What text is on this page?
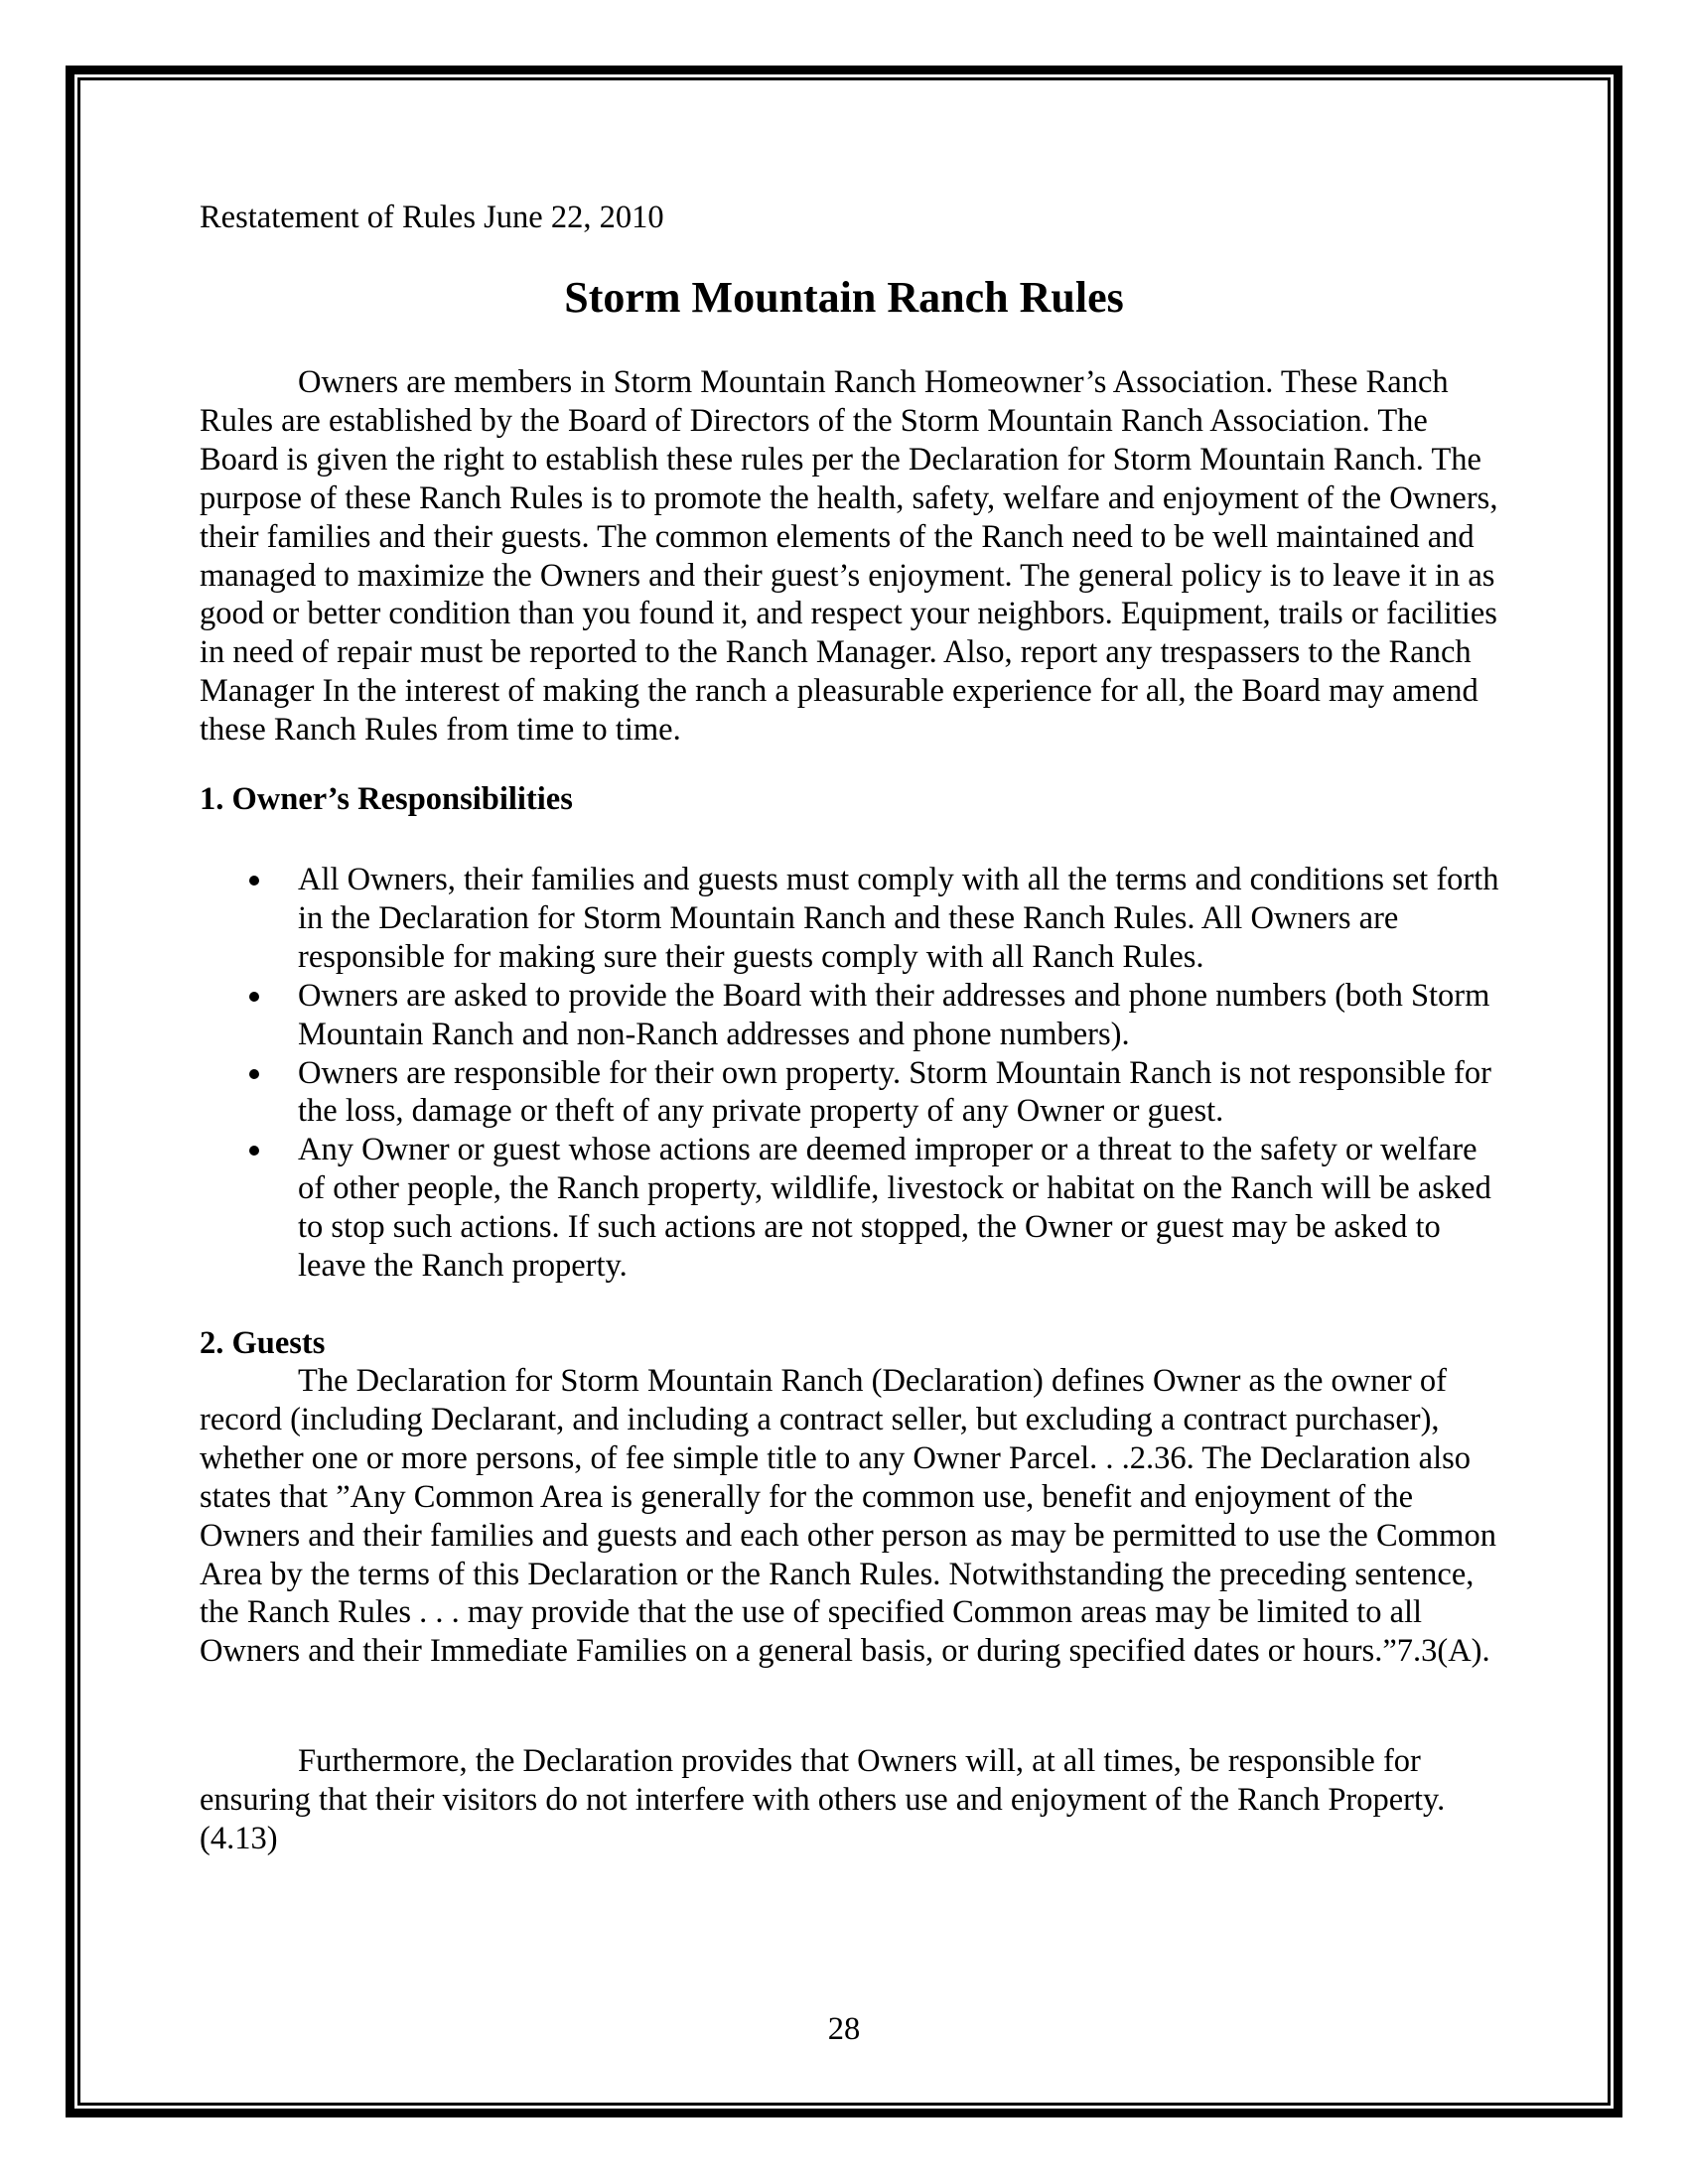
Restatement of Rules June 22, 2010
Storm Mountain Ranch Rules
Owners are members in Storm Mountain Ranch Homeowner’s Association. These Ranch Rules are established by the Board of Directors of the Storm Mountain Ranch Association. The Board is given the right to establish these rules per the Declaration for Storm Mountain Ranch. The purpose of these Ranch Rules is to promote the health, safety, welfare and enjoyment of the Owners, their families and their guests. The common elements of the Ranch need to be well maintained and managed to maximize the Owners and their guest’s enjoyment. The general policy is to leave it in as good or better condition than you found it, and respect your neighbors. Equipment, trails or facilities in need of repair must be reported to the Ranch Manager. Also, report any trespassers to the Ranch Manager In the interest of making the ranch a pleasurable experience for all, the Board may amend these Ranch Rules from time to time.
1. Owner’s Responsibilities
All Owners, their families and guests must comply with all the terms and conditions set forth in the Declaration for Storm Mountain Ranch and these Ranch Rules. All Owners are responsible for making sure their guests comply with all Ranch Rules.
Owners are asked to provide the Board with their addresses and phone numbers (both Storm Mountain Ranch and non-Ranch addresses and phone numbers).
Owners are responsible for their own property. Storm Mountain Ranch is not responsible for the loss, damage or theft of any private property of any Owner or guest.
Any Owner or guest whose actions are deemed improper or a threat to the safety or welfare of other people, the Ranch property, wildlife, livestock or habitat on the Ranch will be asked to stop such actions. If such actions are not stopped, the Owner or guest may be asked to leave the Ranch property.
2. Guests
The Declaration for Storm Mountain Ranch (Declaration) defines Owner as the owner of record (including Declarant, and including a contract seller, but excluding a contract purchaser), whether one or more persons, of fee simple title to any Owner Parcel. . .2.36. The Declaration also states that ”Any Common Area is generally for the common use, benefit and enjoyment of the Owners and their families and guests and each other person as may be permitted to use the Common Area by the terms of this Declaration or the Ranch Rules. Notwithstanding the preceding sentence, the Ranch Rules . . . may provide that the use of specified Common areas may be limited to all Owners and their Immediate Families on a general basis, or during specified dates or hours.”7.3(A).
Furthermore, the Declaration provides that Owners will, at all times, be responsible for ensuring that their visitors do not interfere with others use and enjoyment of the Ranch Property. (4.13)
28
